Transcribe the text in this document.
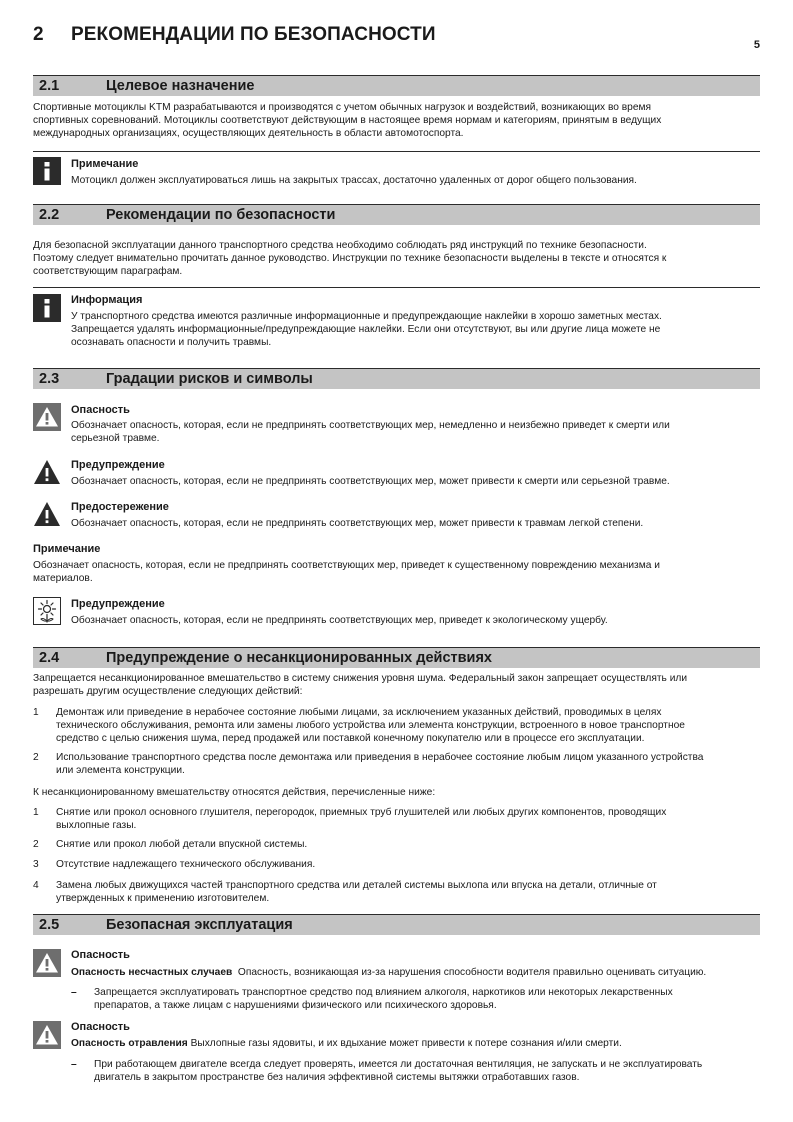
2 РЕКОМЕНДАЦИИ ПО БЕЗОПАСНОСТИ	5
2.1	Целевое назначение

Спортивные мотоциклы KTM разрабатываются и производятся с учетом обычных нагрузок и воздействий, возникающих во время

спортивных соревнований. Мотоциклы соответствуют действующим в настоящее время нормам и категориям, принятым в ведущих

международных организациях, осуществляющих деятельность в области автомотоспорта.

Примечание

Мотоцикл должен эксплуатироваться лишь на закрытых трассах, достаточно удаленных от дорог общего пользования.

2.2	Рекомендации по безопасности

Для безопасной эксплуатации данного транспортного средства необходимо соблюдать ряд инструкций по технике безопасности.

Поэтому следует внимательно прочитать данное руководство. Инструкции по технике безопасности выделены в тексте и относятся к

соответствующим параграфам.

Информация

У транспортного средства имеются различные информационные и предупреждающие наклейки в хорошо заметных местах.

Запрещается удалять информационные/предупреждающие наклейки. Если они отсутствуют, вы или другие лица можете не

осознавать опасности и получить травмы.

2.3	Градации рисков и символы
Опасность

Обозначает опасность, которая, если не предпринять соответствующих мер, немедленно и неизбежно приведет к смерти или

серьезной травме.

Предупреждение

Обозначает опасность, которая, если не предпринять соответствующих мер, может привести к смерти или серьезной травме.

Предостережение

Обозначает опасность, которая, если не предпринять соответствующих мер, может привести к травмам легкой степени.

Примечание

Обозначает опасность, которая, если не предпринять соответствующих мер, приведет к существенному повреждению механизма и

материалов.

Предупреждение

Обозначает опасность, которая, если не предпринять соответствующих мер, приведет к экологическому ущербу.

2.4	Предупреждение о несанкционированных действиях

Запрещается несанкционированное вмешательство в систему снижения уровня шума. Федеральный закон запрещает осуществлять или

разрешать другим осуществление следующих действий:

1 Демонтаж или приведение в нерабочее состояние любыми лицами, за исключением указанных действий, проводимых в целях

технического обслуживания, ремонта или замены любого устройства или элемента конструкции, встроенного в новое транспортное

средство с целью снижения шума, перед продажей или поставкой конечному покупателю или в процессе его эксплуатации.

2 Использование транспортного средства после демонтажа или приведения в нерабочее состояние любым лицом указанного устройства

или элемента конструкции.

К несанкционированному вмешательству относятся действия, перечисленные ниже:

1 Снятие или прокол основного глушителя, перегородок, приемных труб глушителей или любых других компонентов, проводящих

выхлопные газы.

2 Снятие или прокол любой детали впускной системы.

3 Отсутствие надлежащего технического обслуживания.

4 Замена любых движущихся частей транспортного средства или деталей системы выхлопа или впуска на детали, отличные от

утвержденных к применению изготовителем.

2.5	Безопасная эксплуатация
Опасность

Опасность несчастных случаев Опасность, возникающая из-за нарушения способности водителя правильно оценивать ситуацию.

– Запрещается эксплуатировать транспортное средство под влиянием алкоголя, наркотиков или некоторых лекарственных

препаратов, а также лицам с нарушениями физического или психического здоровья.

Опасность

Опасность отравления Выхлопные газы ядовиты, и их вдыхание может привести к потере сознания и/или смерти.

– При работающем двигателе всегда следует проверять, имеется ли достаточная вентиляция, не запускать и не эксплуатировать

двигатель в закрытом пространстве без наличия эффективной системы вытяжки отработавших газов.
